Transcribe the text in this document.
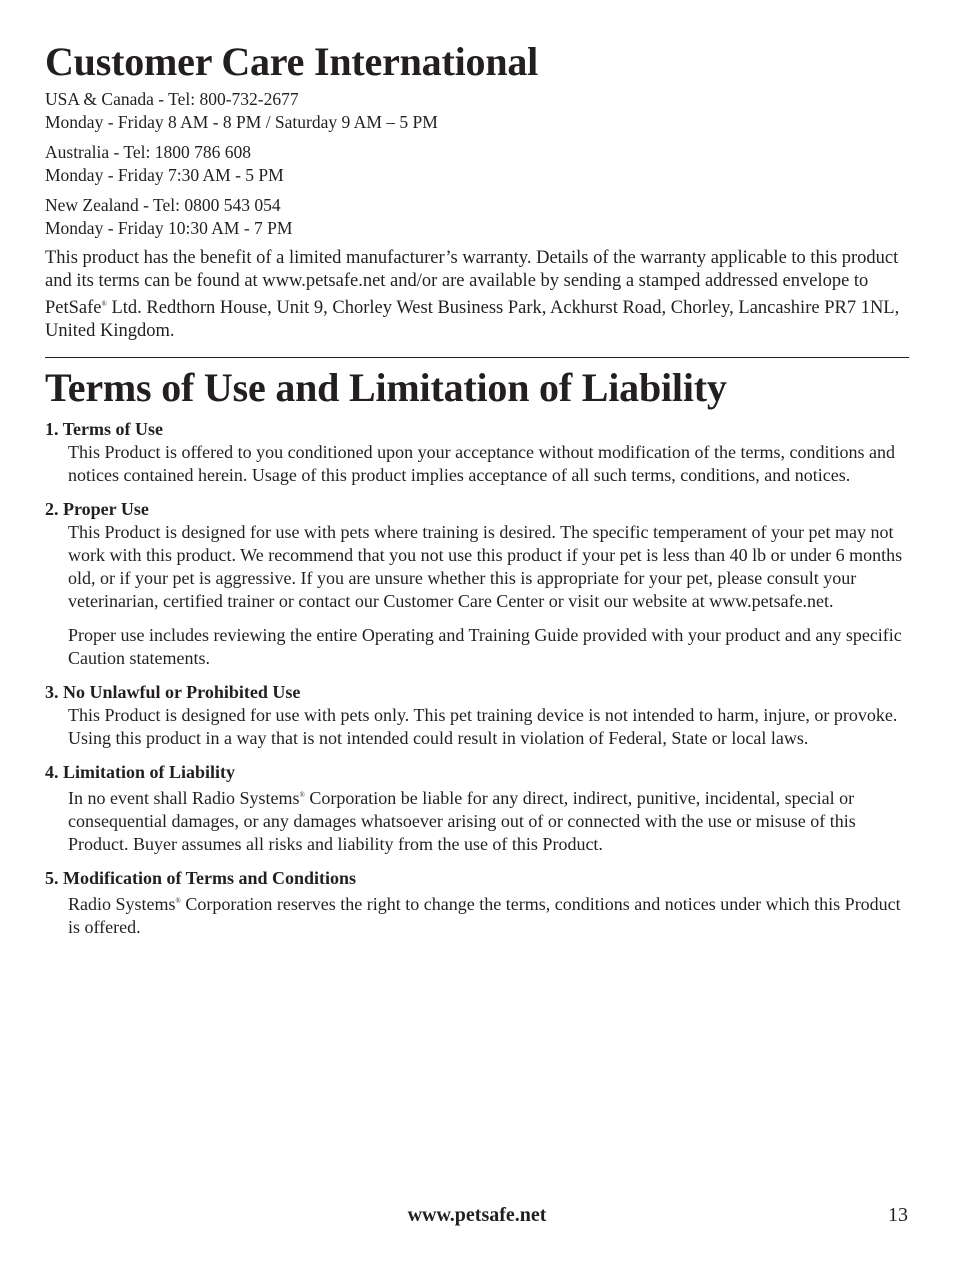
Customer Care International
USA & Canada - Tel: 800-732-2677
Monday - Friday 8 AM - 8 PM / Saturday 9 AM – 5 PM
Australia - Tel: 1800 786 608
Monday - Friday 7:30 AM - 5 PM
New Zealand - Tel: 0800 543 054
Monday - Friday 10:30 AM - 7 PM

This product has the benefit of a limited manufacturer’s warranty. Details of the warranty applicable to this product and its terms can be found at www.petsafe.net and/or are available by sending a stamped addressed envelope to PetSafe® Ltd. Redthorn House, Unit 9, Chorley West Business Park, Ackhurst Road, Chorley, Lancashire PR7 1NL, United Kingdom.

Terms of Use and Limitation of Liability
1. Terms of Use

This Product is offered to you conditioned upon your acceptance without modification of the terms, conditions and notices contained herein. Usage of this product implies acceptance of all such terms, conditions, and notices.

2. Proper Use

This Product is designed for use with pets where training is desired. The specific temperament of your pet may not work with this product. We recommend that you not use this product if your pet is less than 40 lb or under 6 months old, or if your pet is aggressive. If you are unsure whether this is appropriate for your pet, please consult your veterinarian, certified trainer or contact our Customer Care Center or visit our website at www.petsafe.net.

Proper use includes reviewing the entire Operating and Training Guide provided with your product and any specific Caution statements.

3. No Unlawful or Prohibited Use

This Product is designed for use with pets only. This pet training device is not intended to harm, injure, or provoke. Using this product in a way that is not intended could result in violation of Federal, State or local laws.

4. Limitation of Liability

In no event shall Radio Systems® Corporation be liable for any direct, indirect, punitive, incidental, special or consequential damages, or any damages whatsoever arising out of or connected with the use or misuse of this Product. Buyer assumes all risks and liability from the use of this Product.

5. Modification of Terms and Conditions

Radio Systems® Corporation reserves the right to change the terms, conditions and notices under which this Product is offered.

www.petsafe.net	13
